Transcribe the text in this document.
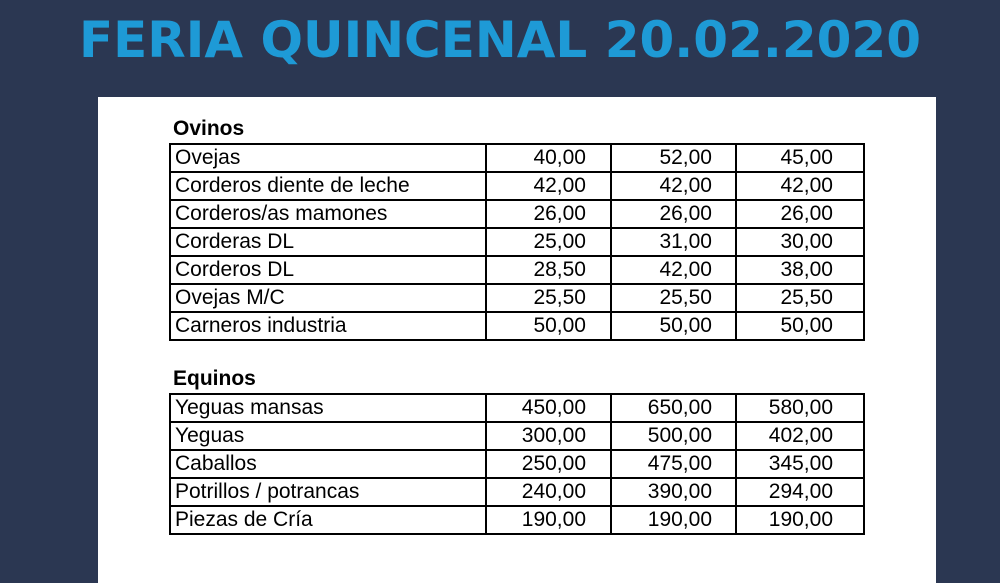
FERIA QUINCENAL 20.02.2020
Ovinos
Ovejas	40,00	52,00	45,00
Corderos diente de leche	42,00	42,00	42,00
Corderos/as mamones	26,00	26,00	26,00
Corderas DL	25,00	31,00	30,00
Corderos DL	28,50	42,00	38,00
Ovejas M/C	25,50	25,50	25,50
Carneros industria	50,00	50,00	50,00
Equinos
Yeguas mansas	450,00	650,00	580,00
Yeguas	300,00	500,00	402,00
Caballos	250,00	475,00	345,00
Potrillos / potrancas	240,00	390,00	294,00
Piezas de Cría	190,00	190,00	190,00
